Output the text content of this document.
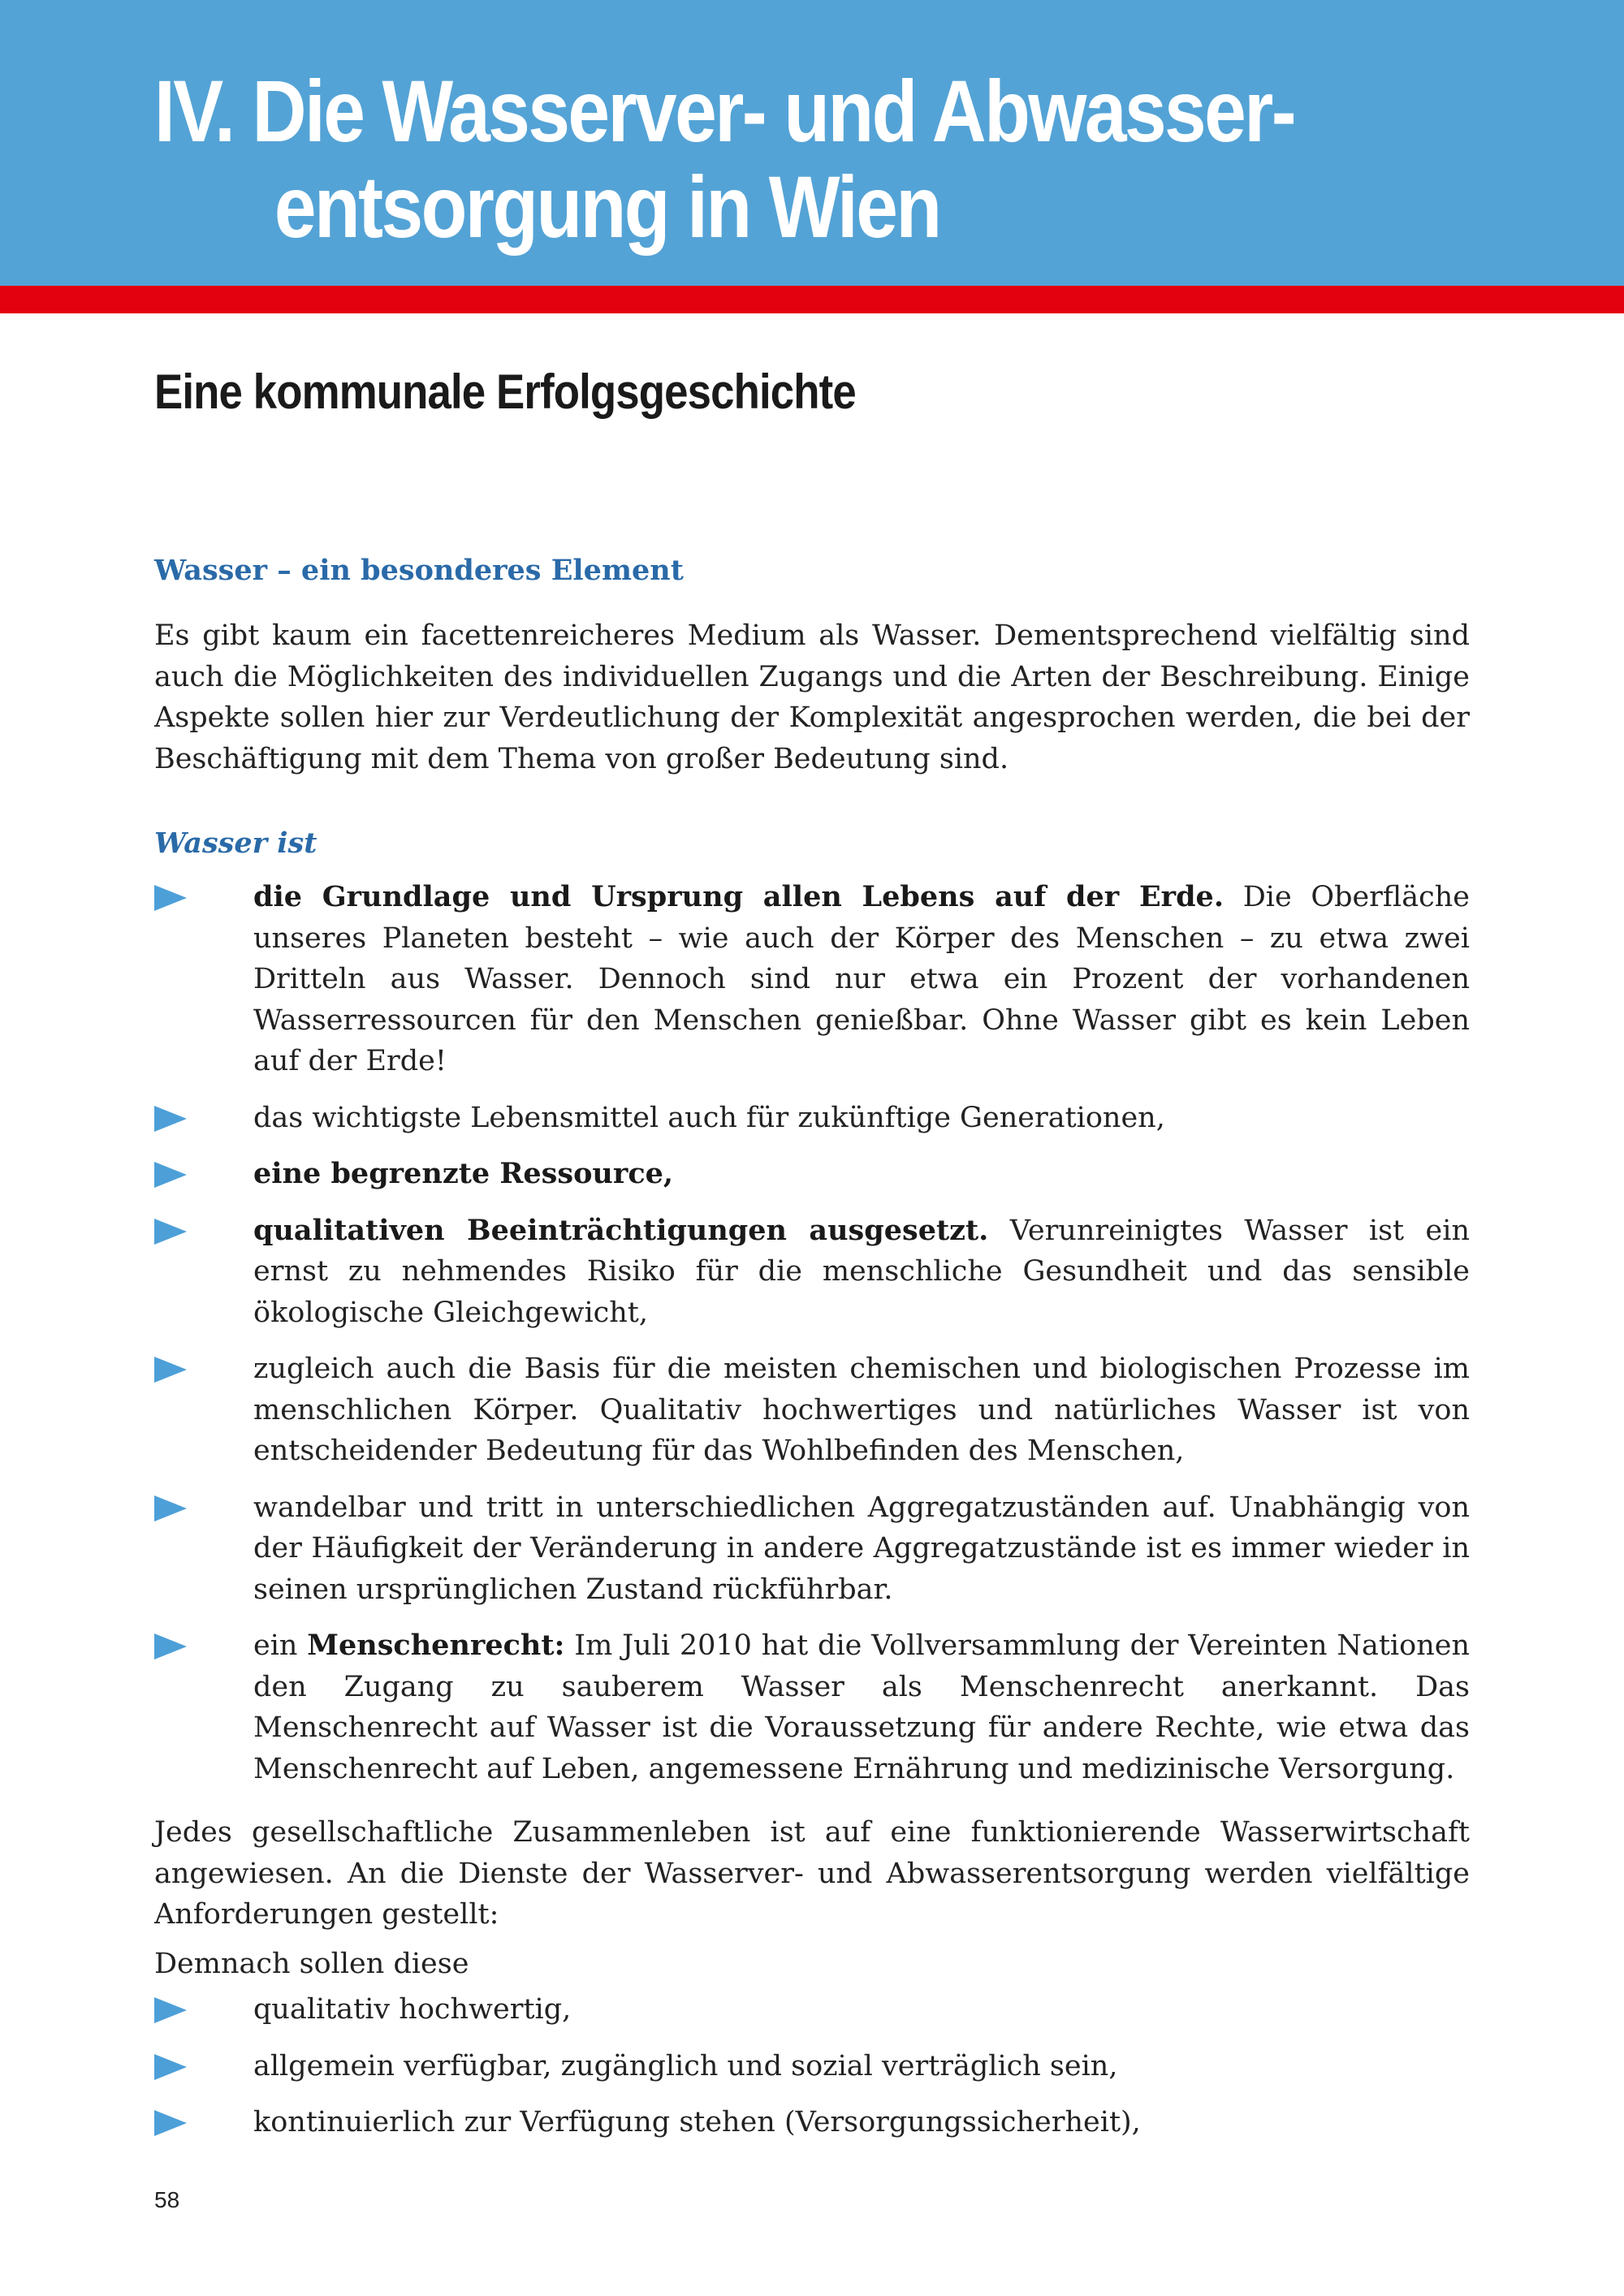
IV. Die Wasserver- und Abwasser-
entsorgung in Wien
Eine kommunale Erfolgsgeschichte
Wasser – ein besonderes Element

Es gibt kaum ein facettenreicheres Medium als Wasser. Dementsprechend vielfältig sind auch die Möglichkeiten des individuellen Zugangs und die Arten der Beschreibung. Einige Aspekte sollen hier zur Verdeutlichung der Komplexität angesprochen werden, die bei der Beschäftigung mit dem Thema von großer Bedeutung sind.

Wasser ist
die Grundlage und Ursprung allen Lebens auf der Erde. Die Oberfläche unseres Planeten besteht – wie auch der Körper des Menschen – zu etwa zwei Dritteln aus Wasser. Dennoch sind nur etwa ein Prozent der vorhandenen Wasserressourcen für den Menschen genießbar. Ohne Wasser gibt es kein Leben auf der Erde!
das wichtigste Lebensmittel auch für zukünftige Generationen,
eine begrenzte Ressource,
qualitativen Beeinträchtigungen ausgesetzt. Verunreinigtes Wasser ist ein ernst zu nehmendes Risiko für die menschliche Gesundheit und das sensible ökologische Gleichgewicht,
zugleich auch die Basis für die meisten chemischen und biologischen Prozesse im menschlichen Körper. Qualitativ hochwertiges und natürliches Wasser ist von entscheidender Bedeutung für das Wohlbefinden des Menschen,
wandelbar und tritt in unterschiedlichen Aggregatzuständen auf. Unabhängig von der Häufigkeit der Veränderung in andere Aggregatzustände ist es immer wieder in seinen ursprünglichen Zustand rückführbar.
ein Menschenrecht: Im Juli 2010 hat die Vollversammlung der Vereinten Nationen den Zugang zu sauberem Wasser als Menschenrecht anerkannt. Das Menschenrecht auf Wasser ist die Voraussetzung für andere Rechte, wie etwa das Menschenrecht auf Leben, angemessene Ernährung und medizinische Versorgung.

Jedes gesellschaftliche Zusammenleben ist auf eine funktionierende Wasserwirtschaft angewiesen. An die Dienste der Wasserver- und Abwasserentsorgung werden vielfältige Anforderungen gestellt:

Demnach sollen diese

qualitativ hochwertig,
allgemein verfügbar, zugänglich und sozial verträglich sein,
kontinuierlich zur Verfügung stehen (Versorgungssicherheit),
58
